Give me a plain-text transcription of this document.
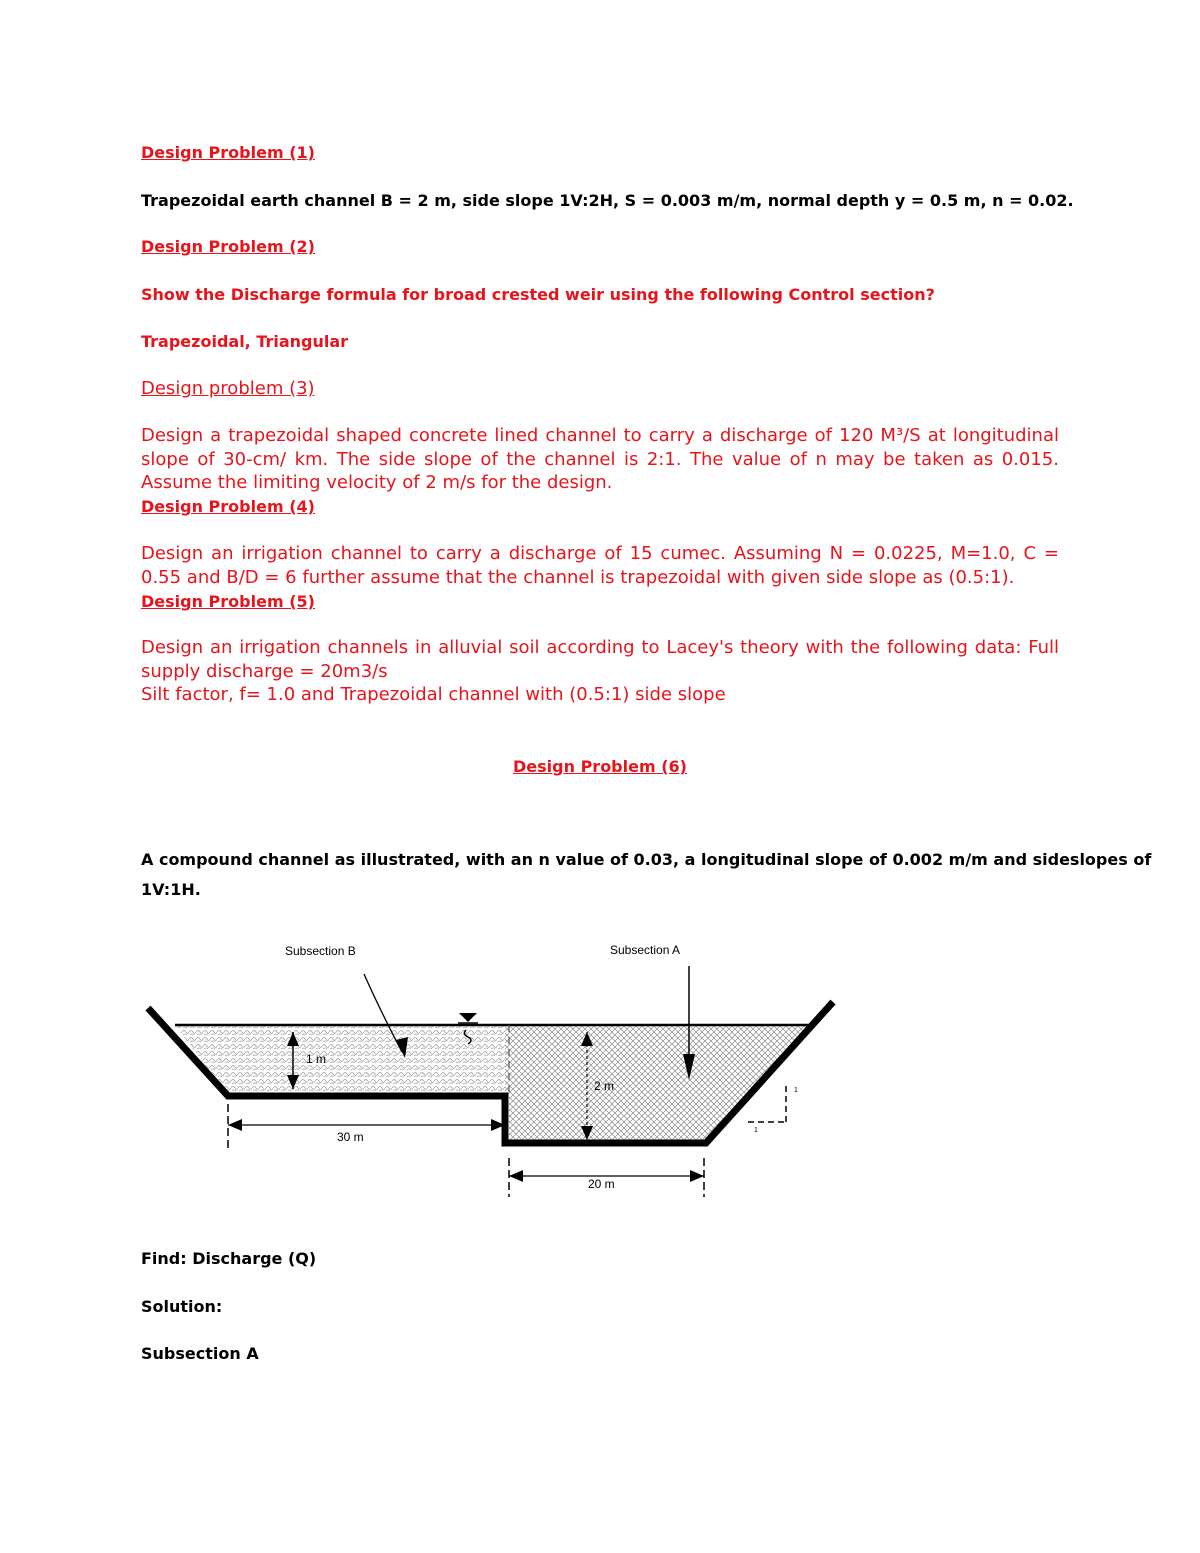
Design Problem (1)
Trapezoidal earth channel B = 2 m, side slope 1V:2H, S = 0.003 m/m, normal depth y = 0.5 m, n = 0.02.
Design Problem (2)
Show the Discharge formula for broad crested weir using the following Control section?
Trapezoidal, Triangular
Design problem (3)
Design a trapezoidal shaped concrete lined channel to carry a discharge of 120 M³/S at longitudinal slope of 30-cm/ km. The side slope of the channel is 2:1. The value of n may be taken as 0.015. Assume the limiting velocity of 2 m/s for the design.
Design Problem (4)
Design an irrigation channel to carry a discharge of 15 cumec. Assuming N = 0.0225, M=1.0, C = 0.55 and B/D = 6 further assume that the channel is trapezoidal with given side slope as (0.5:1).
Design Problem (5)
Design an irrigation channels in alluvial soil according to Lacey's theory with the following data: Full supply discharge = 20m3/s
Silt factor, f= 1.0 and Trapezoidal channel with (0.5:1) side slope
Design Problem (6)
A compound channel as illustrated, with an n value of 0.03, a longitudinal slope of 0.002 m/m and sideslopes of
1V:1H.
1 m
2 m
30 m
20 m
1
1
Subsection B	Subsection A
Find: Discharge (Q)
Solution:
Subsection A
